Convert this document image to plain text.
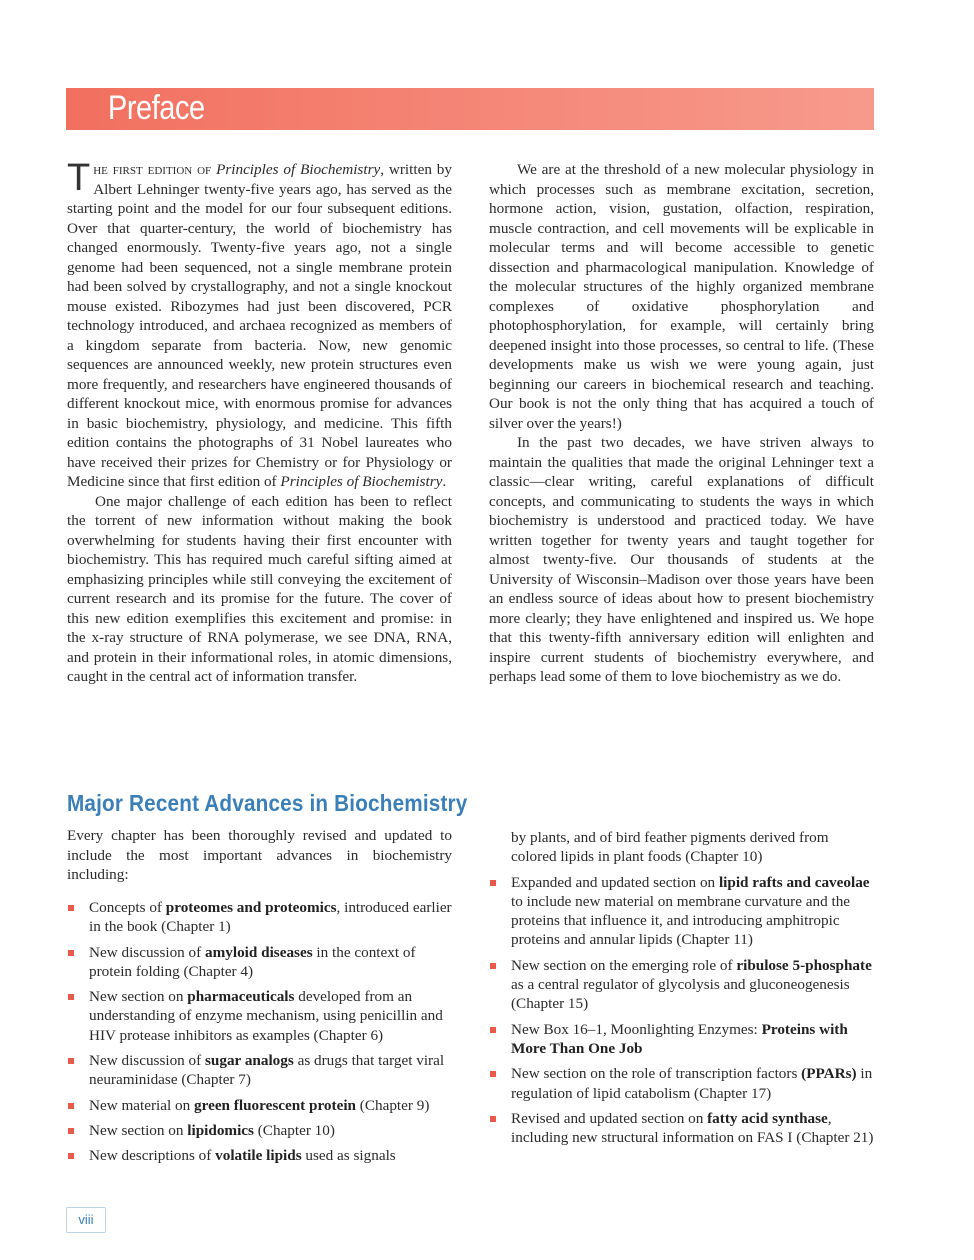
Preface

The first edition of Principles of Biochemistry, written by Albert Lehninger twenty-five years ago, has served as the starting point and the model for our four subsequent editions. Over that quarter-century, the world of biochemistry has changed enormously. Twenty-five years ago, not a single genome had been sequenced, not a single membrane protein had been solved by crystallography, and not a single knockout mouse existed. Ribozymes had just been discovered, PCR technology introduced, and archaea recognized as members of a kingdom separate from bacteria. Now, new genomic sequences are announced weekly, new protein structures even more frequently, and researchers have engineered thousands of different knockout mice, with enormous promise for advances in basic biochemistry, physiology, and medicine. This fifth edition contains the photographs of 31 Nobel laureates who have received their prizes for Chemistry or for Physiology or Medicine since that first edition of Principles of Biochemistry.

One major challenge of each edition has been to reflect the torrent of new information without making the book overwhelming for students having their first encounter with biochemistry. This has required much careful sifting aimed at emphasizing principles while still conveying the excitement of current research and its promise for the future. The cover of this new edition exemplifies this excitement and promise: in the x-ray structure of RNA polymerase, we see DNA, RNA, and protein in their informational roles, in atomic dimensions, caught in the central act of information transfer.

We are at the threshold of a new molecular physiology in which processes such as membrane excitation, secretion, hormone action, vision, gustation, olfaction, respiration, muscle contraction, and cell movements will be explicable in molecular terms and will become accessible to genetic dissection and pharmacological manipulation. Knowledge of the molecular structures of the highly organized membrane complexes of oxidative phosphorylation and photophosphorylation, for example, will certainly bring deepened insight into those processes, so central to life. (These developments make us wish we were young again, just beginning our careers in biochemical research and teaching. Our book is not the only thing that has acquired a touch of silver over the years!)

In the past two decades, we have striven always to maintain the qualities that made the original Lehninger text a classic—clear writing, careful explanations of difficult concepts, and communicating to students the ways in which biochemistry is understood and practiced today. We have written together for twenty years and taught together for almost twenty-five. Our thousands of students at the University of Wisconsin–Madison over those years have been an endless source of ideas about how to present biochemistry more clearly; they have enlightened and inspired us. We hope that this twenty-fifth anniversary edition will enlighten and inspire current students of biochemistry everywhere, and perhaps lead some of them to love biochemistry as we do.

Major Recent Advances in Biochemistry
Every chapter has been thoroughly revised and updated to include the most important advances in biochemistry including:
Concepts of proteomes and proteomics, introduced earlier in the book (Chapter 1)
New discussion of amyloid diseases in the context of protein folding (Chapter 4)
New section on pharmaceuticals developed from an understanding of enzyme mechanism, using penicillin and HIV protease inhibitors as examples (Chapter 6)
New discussion of sugar analogs as drugs that target viral neuraminidase (Chapter 7)
New material on green fluorescent protein (Chapter 9)
New section on lipidomics (Chapter 10)
New descriptions of volatile lipids used as signals
by plants, and of bird feather pigments derived from colored lipids in plant foods (Chapter 10)
Expanded and updated section on lipid rafts and caveolae to include new material on membrane curvature and the proteins that influence it, and introducing amphitropic proteins and annular lipids (Chapter 11)
New section on the emerging role of ribulose 5-phosphate as a central regulator of glycolysis and gluconeogenesis (Chapter 15)
New Box 16–1, Moonlighting Enzymes: Proteins with More Than One Job
New section on the role of transcription factors (PPARs) in regulation of lipid catabolism (Chapter 17)
Revised and updated section on fatty acid synthase, including new structural information on FAS I (Chapter 21)
viii
